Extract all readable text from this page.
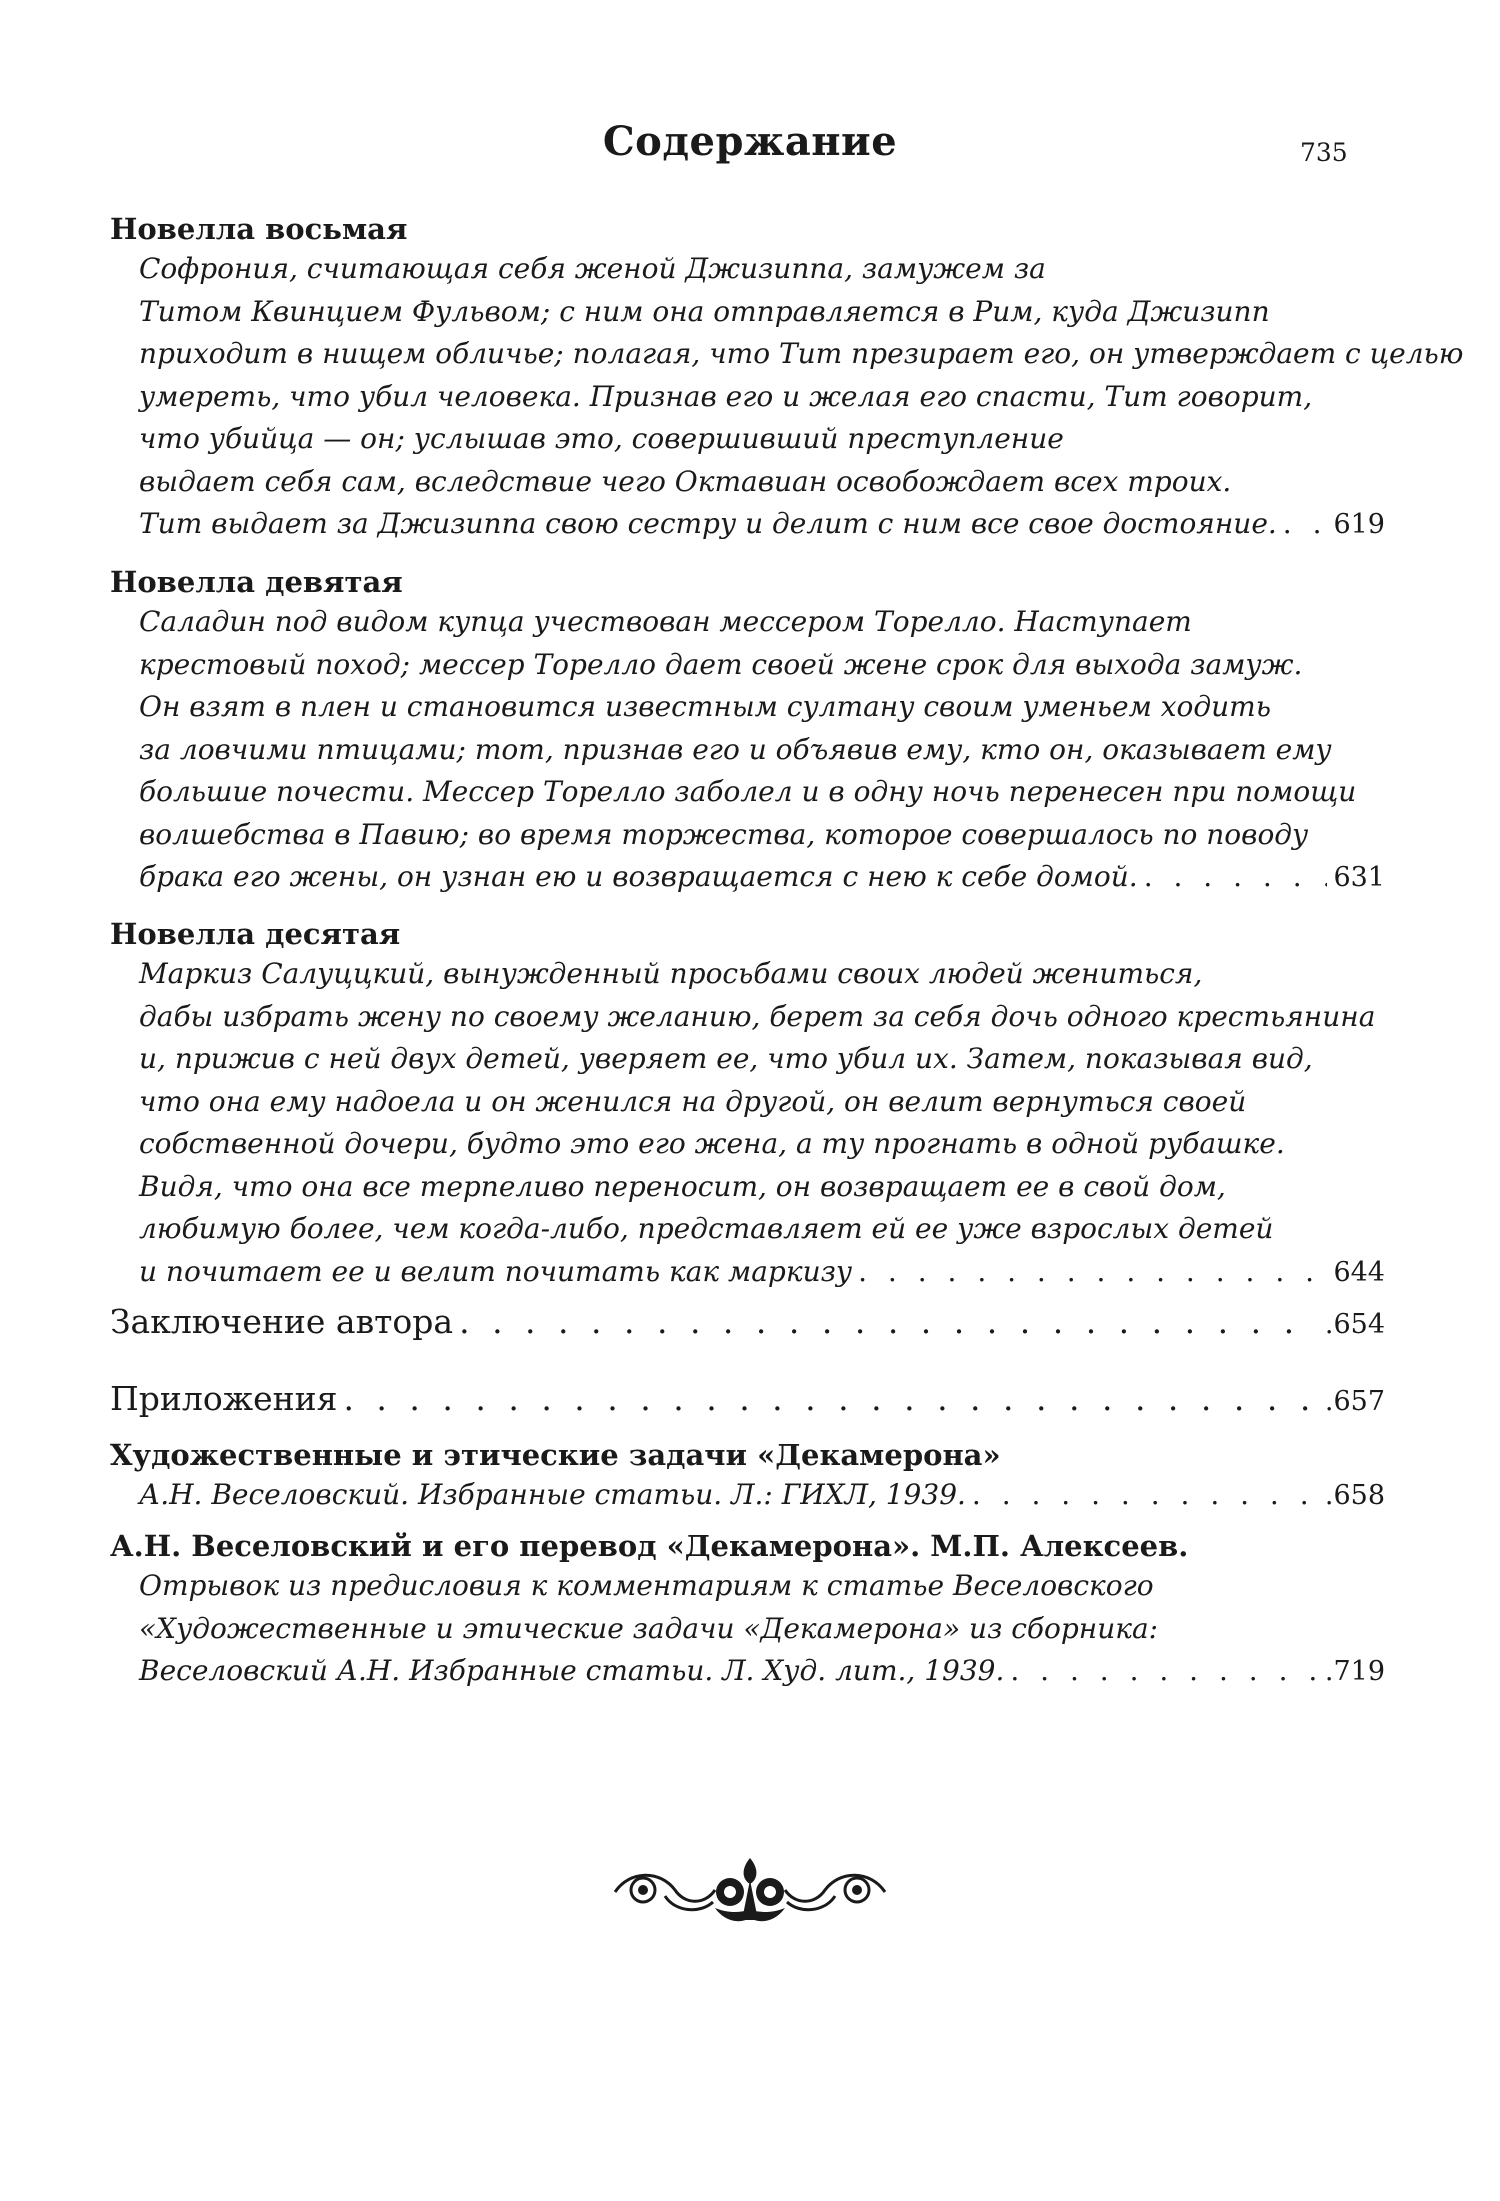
Содержание	735
Новелла восьмая
Софрония, считающая себя женой Джизиппа, замужем за
Титом Квинцием Фульвом; с ним она отправляется в Рим, куда Джизипп
приходит в нищем обличье; полагая, что Тит презирает его, он утверждает с целью
умереть, что убил человека. Признав его и желая его спасти, Тит говорит,
что убийца — он; услышав это, совершивший преступление
выдает себя сам, вследствие чего Октавиан освобождает всех троих.
Тит выдает за Джизиппа свою сестру и делит с ним все свое достояние. . . . 619
Новелла девятая
Саладин под видом купца учествован мессером Торелло. Наступает
крестовый поход; мессер Торелло дает своей жене срок для выхода замуж.
Он взят в плен и становится известным султану своим уменьем ходить
за ловчими птицами; тот, признав его и объявив ему, кто он, оказывает ему
большие почести. Мессер Торелло заболел и в одну ночь перенесен при помощи
волшебства в Павию; во время торжества, которое совершалось по поводу
брака его жены, он узнан ею и возвращается с нею к себе домой. . . .	631
Новелла десятая
Маркиз Салуццкий, вынужденный просьбами своих людей жениться,
дабы избрать жену по своему желанию, берет за себя дочь одного крестьянина
и, прижив с ней двух детей, уверяет ее, что убил их. Затем, показывая вид,
что она ему надоела и он женился на другой, он велит вернуться своей
собственной дочери, будто это его жена, а ту прогнать в одной рубашке.
Видя, что она все терпеливо переносит, он возвращает ее в свой дом,
любимую более, чем когда-либо, представляет ей ее уже взрослых детей
и почитает ее и велит почитать как маркизу . . .	644
Заключение автора . . .	.654
Приложения . . .	.657
Художественные и этические задачи «Декамерона»
А.Н. Веселовский. Избранные статьи. Л.: ГИХЛ, 1939. . . .	.658
А.Н. Веселовский и его перевод «Декамерона». М.П. Алексеев.
Отрывок из предисловия к комментариям к статье Веселовского
«Художественные и этические задачи «Декамерона» из сборника:
Веселовский А.Н. Избранные статьи. Л. Худ. лит., 1939. . . .	.719
